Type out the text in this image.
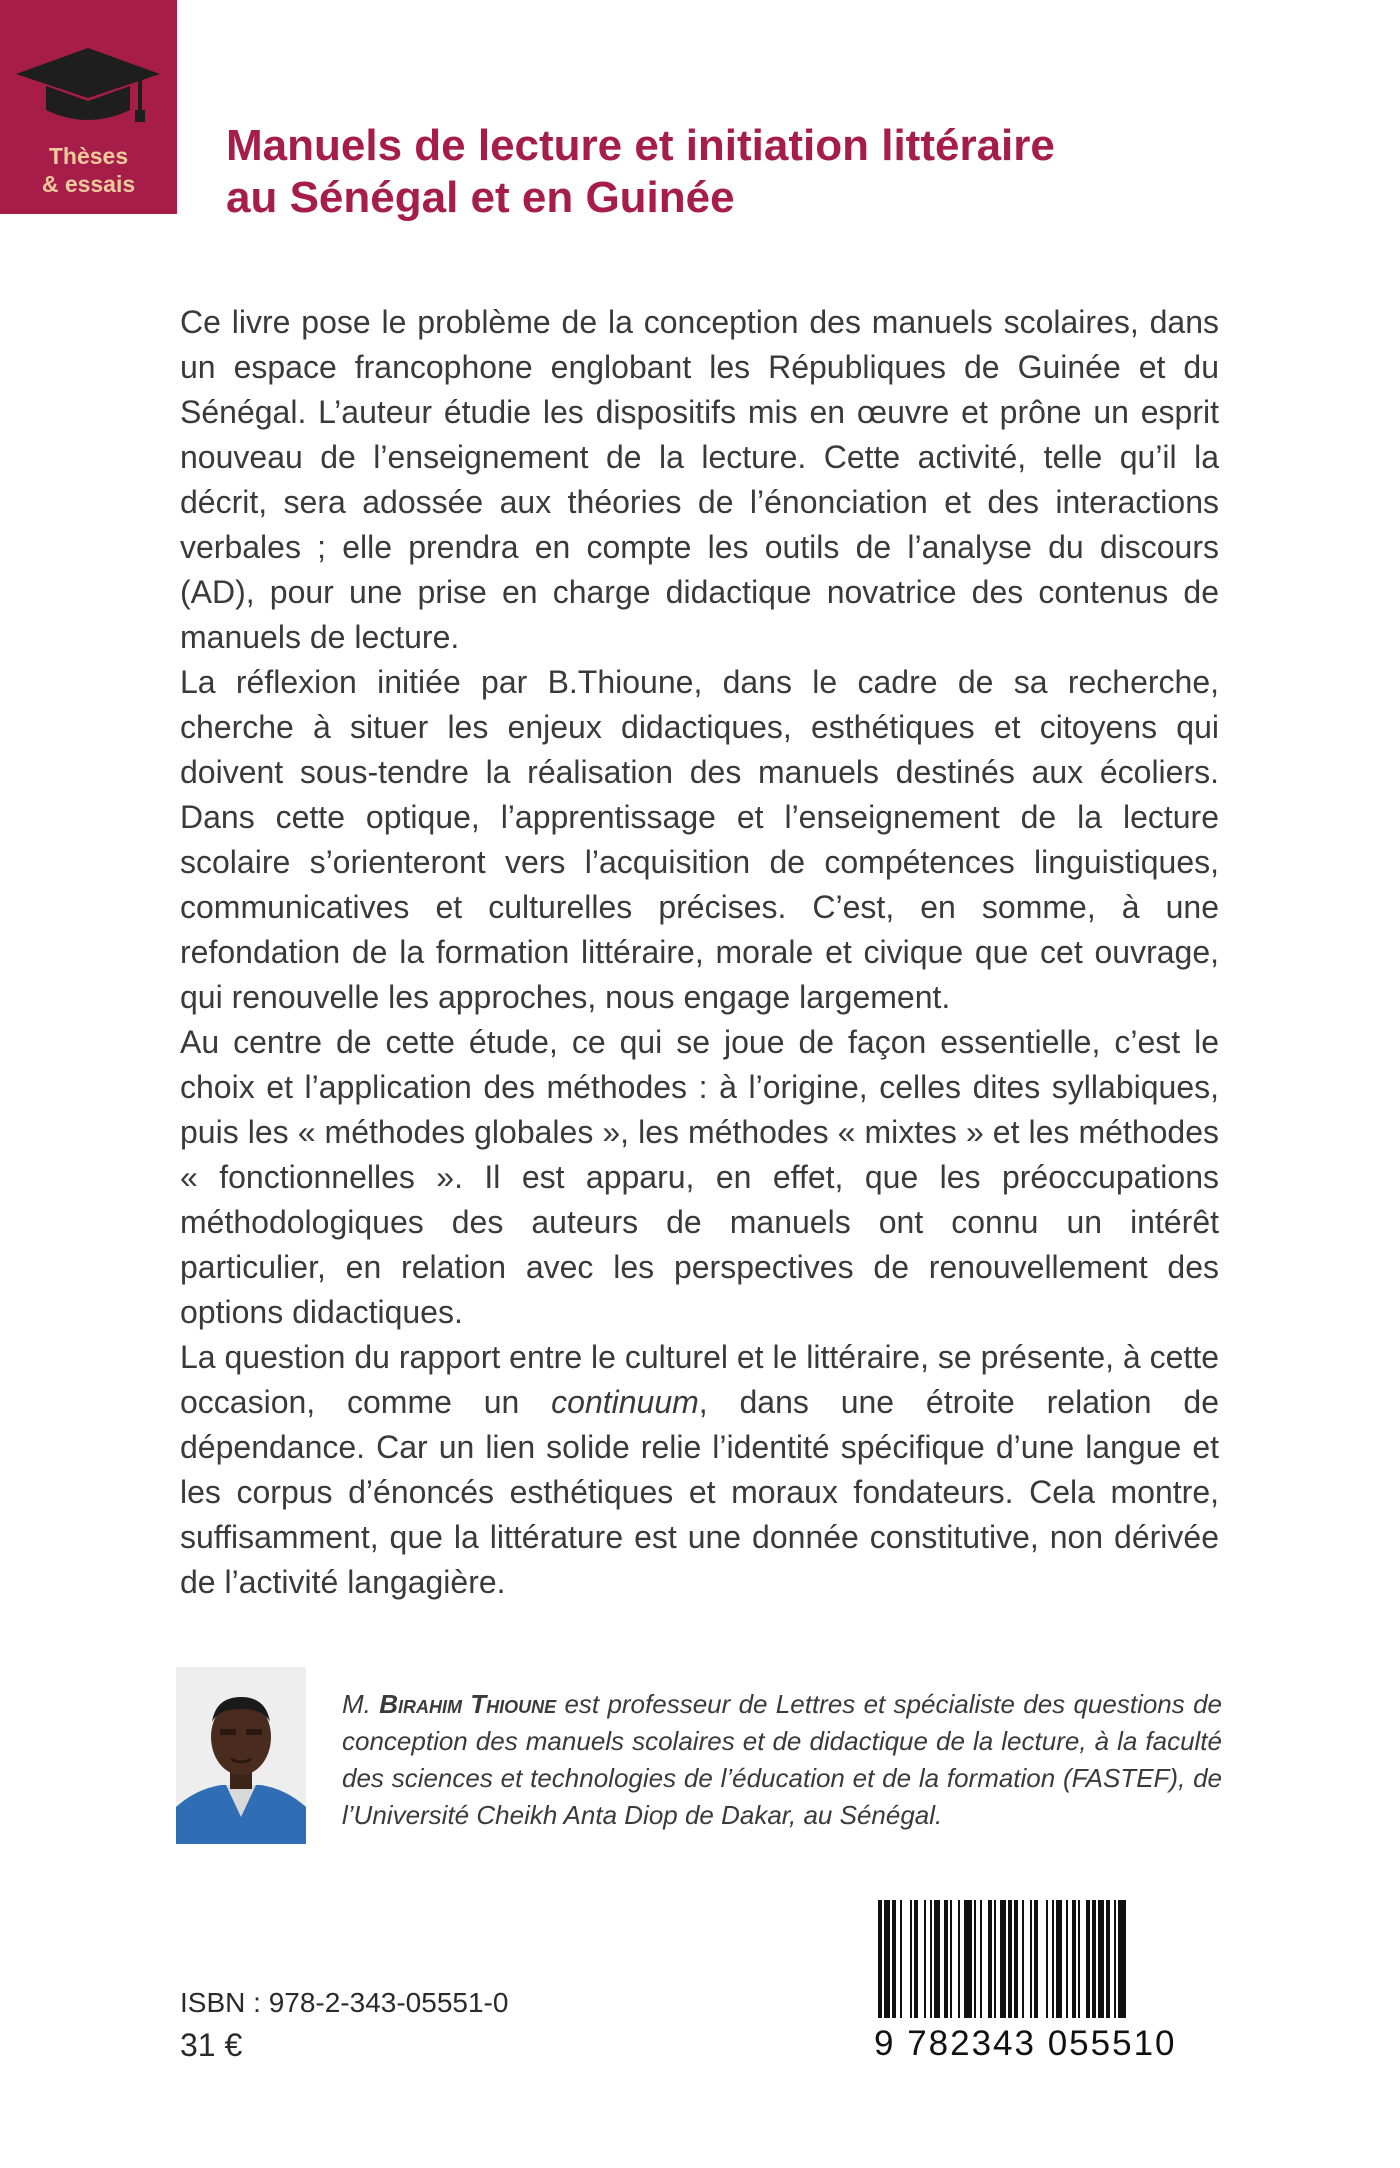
Thèses
& essais
Manuels de lecture et initiation littéraire
au Sénégal et en Guinée

Ce livre pose le problème de la conception des manuels scolaires, dans un espace francophone englobant les Républiques de Guinée et du Sénégal. L’auteur étudie les dispositifs mis en œuvre et prône un esprit nouveau de l’enseignement de la lecture. Cette activité, telle qu’il la décrit, sera adossée aux théories de l’énonciation et des interactions verbales ; elle prendra en compte les outils de l’analyse du discours (AD), pour une prise en charge didactique novatrice des contenus de manuels de lecture.

La réflexion initiée par B.Thioune, dans le cadre de sa recherche, cherche à situer les enjeux didactiques, esthétiques et citoyens qui doivent sous-tendre la réalisation des manuels destinés aux écoliers. Dans cette optique, l’apprentissage et l’enseignement de la lecture scolaire s’orienteront vers l’acquisition de compétences linguistiques, communicatives et culturelles précises. C’est, en somme, à une refondation de la formation littéraire, morale et civique que cet ouvrage, qui renouvelle les approches, nous engage largement.

Au centre de cette étude, ce qui se joue de façon essentielle, c’est le choix et l’application des méthodes : à l’origine, celles dites syllabiques, puis les « méthodes globales », les méthodes « mixtes » et les méthodes « fonctionnelles ». Il est apparu, en effet, que les préoccupations méthodologiques des auteurs de manuels ont connu un intérêt particulier, en relation avec les perspectives de renouvellement des options didactiques.

La question du rapport entre le culturel et le littéraire, se présente, à cette occasion, comme un continuum, dans une étroite relation de dépendance. Car un lien solide relie l’identité spécifique d’une langue et les corpus d’énoncés esthétiques et moraux fondateurs. Cela montre, suffisamment, que la littérature est une donnée constitutive, non dérivée de l’activité langagière.

M. Birahim Thioune est professeur de Lettres et spécialiste des questions de conception des manuels scolaires et de didactique de la lecture, à la faculté des sciences et technologies de l’éducation et de la formation (FASTEF), de l’Université Cheikh Anta Diop de Dakar, au Sénégal.
ISBN : 978-2-343-05551-0
31 €	9 782343 055510
